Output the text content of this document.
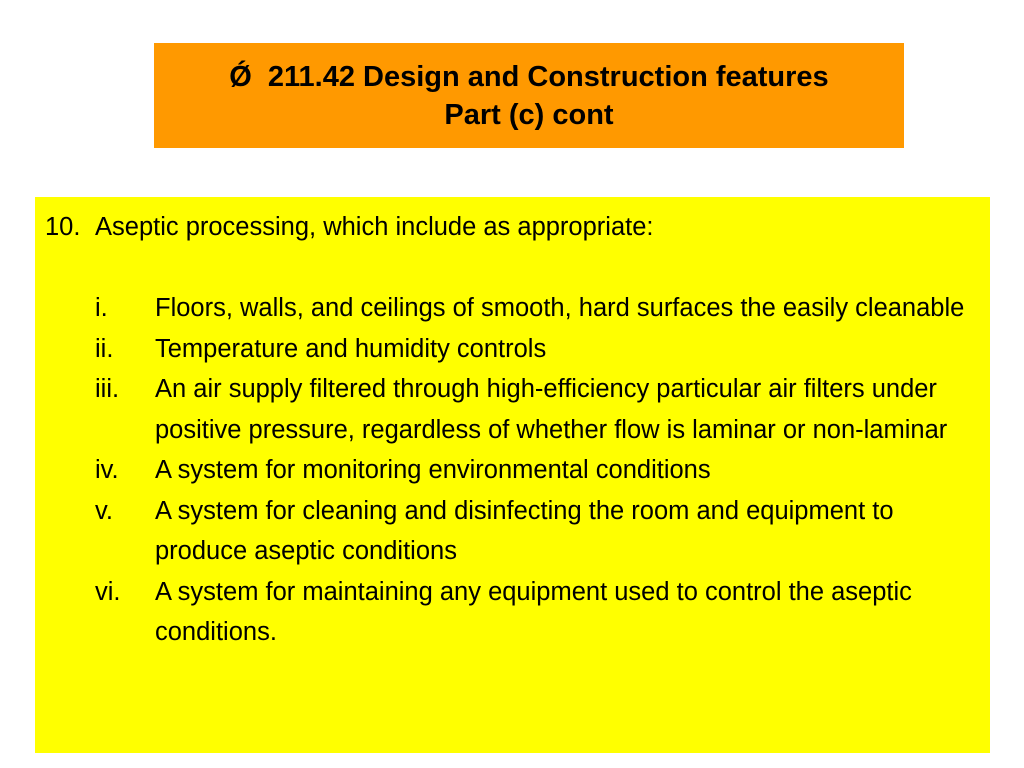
Ǿ 211.42 Design and Construction features
Part (c) cont
10. Aseptic processing, which include as appropriate:
i.	Floors, walls, and ceilings of smooth, hard surfaces the easily cleanable
ii.	Temperature and humidity controls
iii.	An air supply filtered through high-efficiency particular air filters under positive pressure, regardless of whether flow is laminar or non-laminar
iv.	A system for monitoring environmental conditions
v.	A system for cleaning and disinfecting the room and equipment to produce aseptic conditions
vi.	A system for maintaining any equipment used to control the aseptic conditions.
